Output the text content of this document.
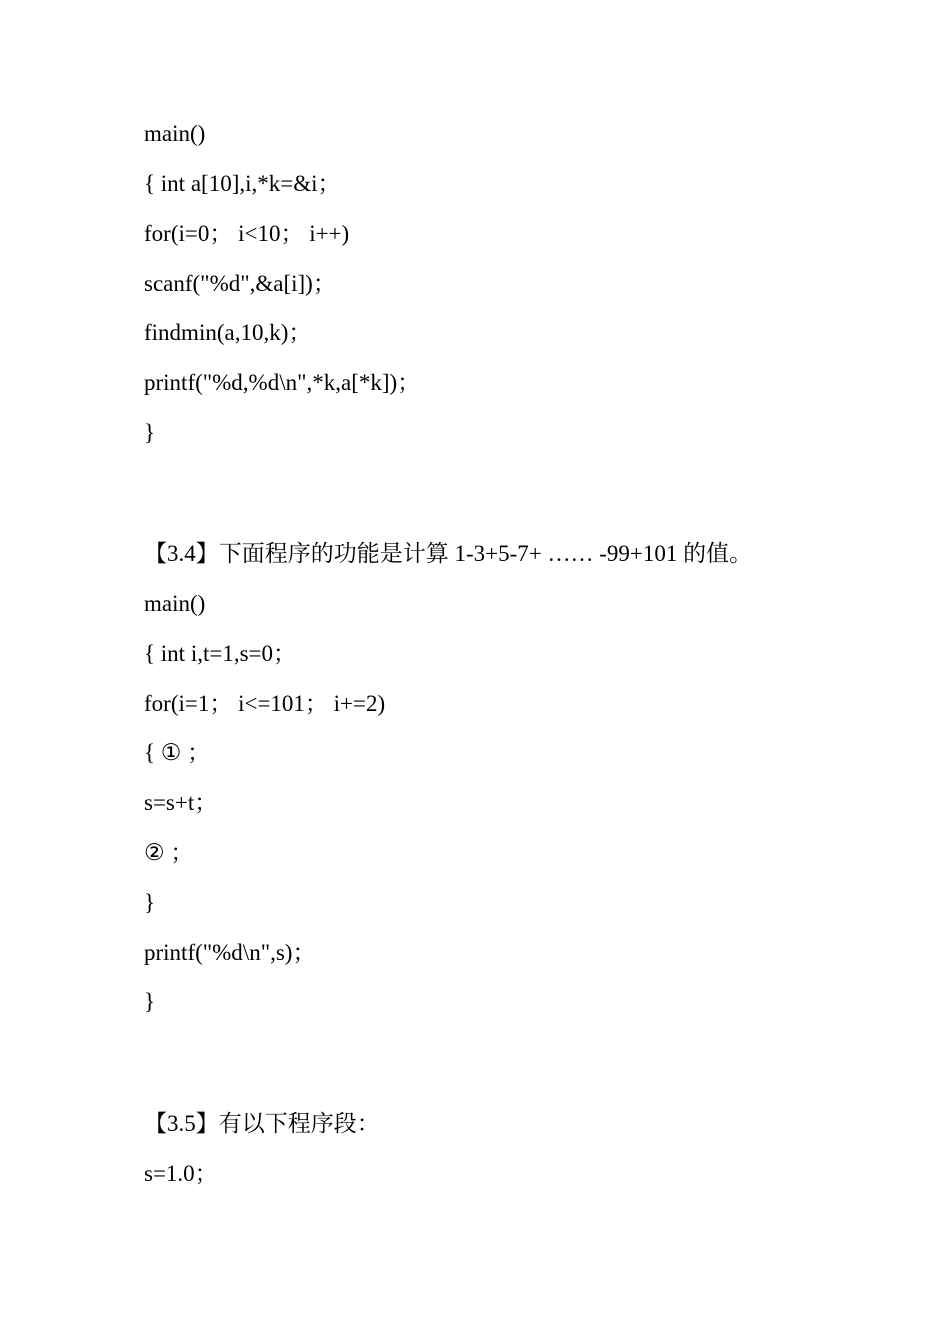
main()
{ int a[10],i,*k=&i；
for(i=0； i<10； i++)
scanf("%d",&a[i])；
findmin(a,10,k)；
printf("%d,%d\n",*k,a[*k])；
}
【3.4】下面程序的功能是计算 1-3+5-7+ …… -99+101 的值。
main()
{ int i,t=1,s=0；
for(i=1； i<=101； i+=2)
{ ① ；
s=s+t；
② ；
}
printf("%d\n",s)；
}
【3.5】有以下程序段：
s=1.0；
